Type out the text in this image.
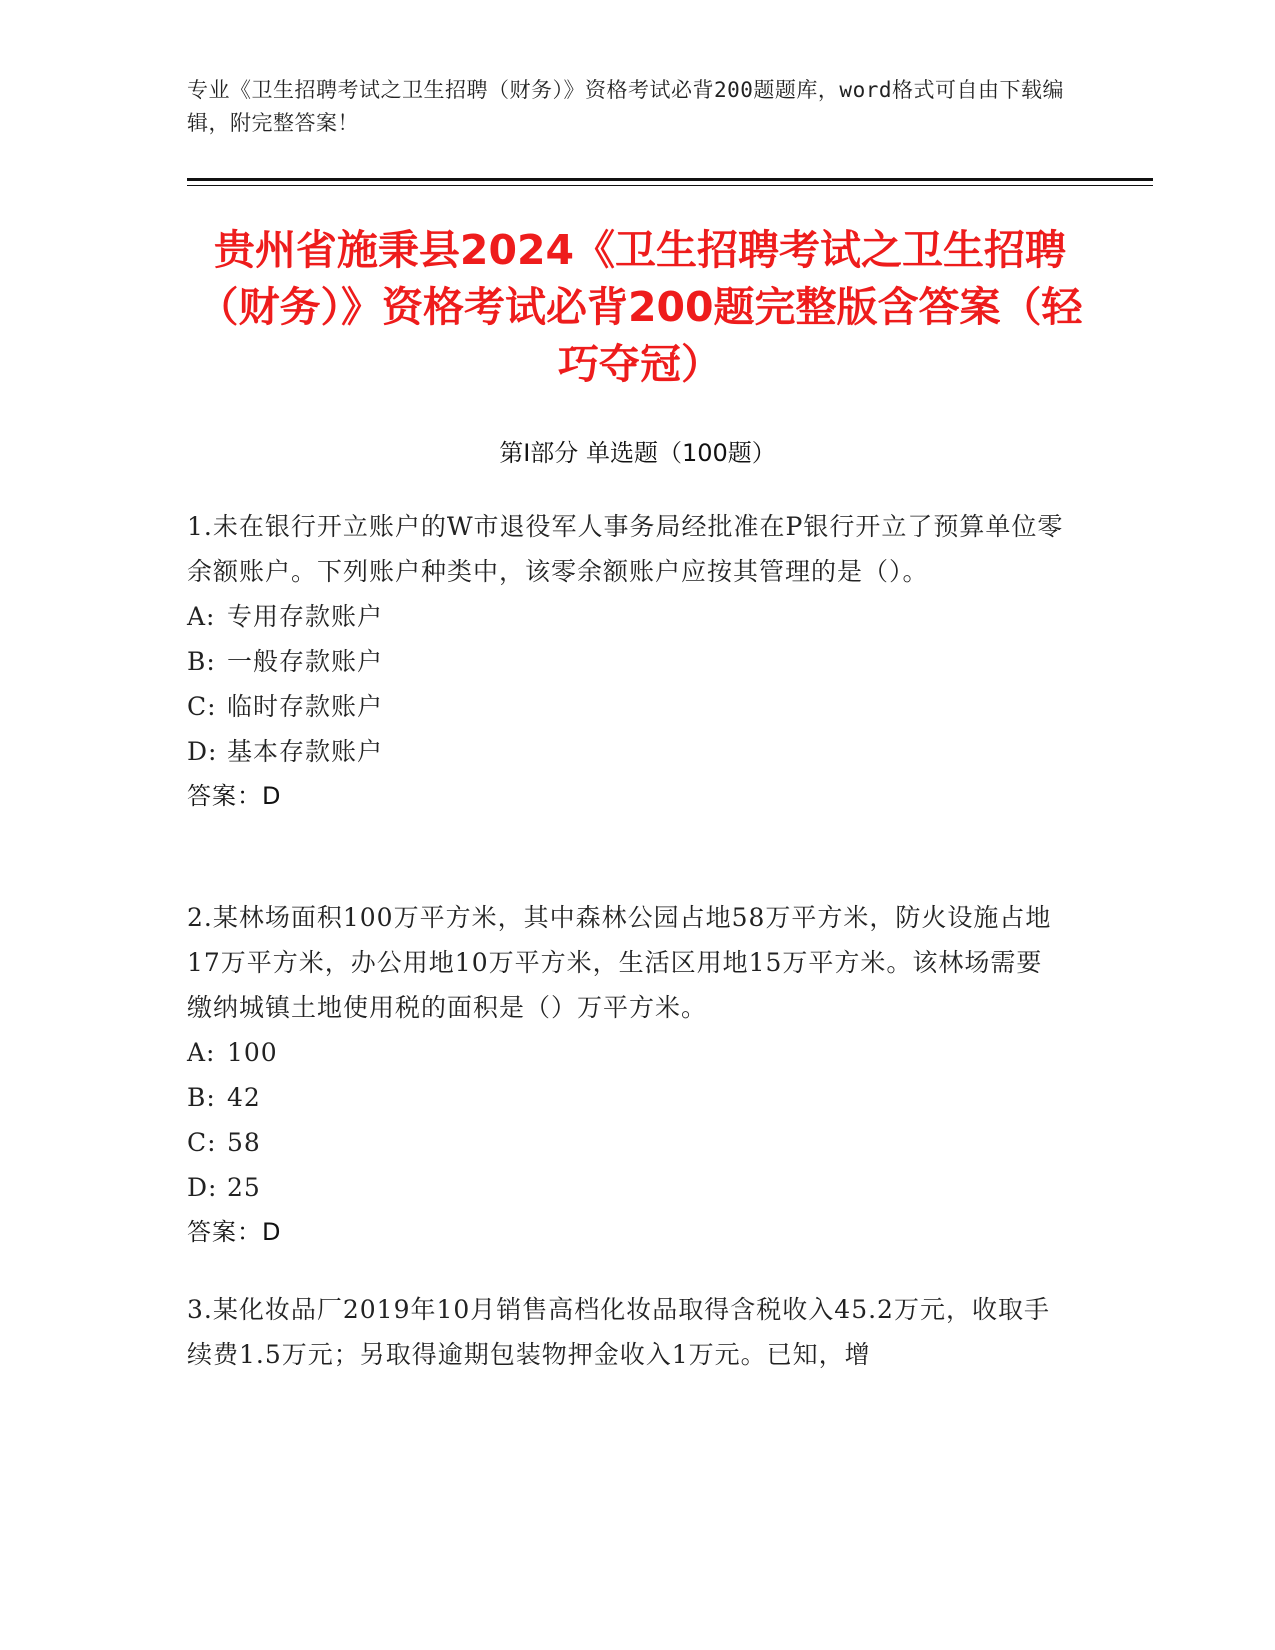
专业《卫生招聘考试之卫生招聘（财务）》资格考试必背200题题库，word格式可自由下载编辑，附完整答案！
贵州省施秉县2024《卫生招聘考试之卫生招聘（财务）》资格考试必背200题完整版含答案（轻巧夺冠）
第Ⅰ部分 单选题（100题）

1.未在银行开立账户的W市退役军人事务局经批准在P银行开立了预算单位零余额账户。下列账户种类中，该零余额账户应按其管理的是（）。

A: 专用存款账户

B: 一般存款账户

C: 临时存款账户

D: 基本存款账户

答案：D

2.某林场面积100万平方米，其中森林公园占地58万平方米，防火设施占地17万平方米，办公用地10万平方米，生活区用地15万平方米。该林场需要缴纳城镇土地使用税的面积是（）万平方米。

A: 100

B: 42

C: 58

D: 25

答案：D

3.某化妆品厂2019年10月销售高档化妆品取得含税收入45.2万元，收取手续费1.5万元；另取得逾期包装物押金收入1万元。已知，增
